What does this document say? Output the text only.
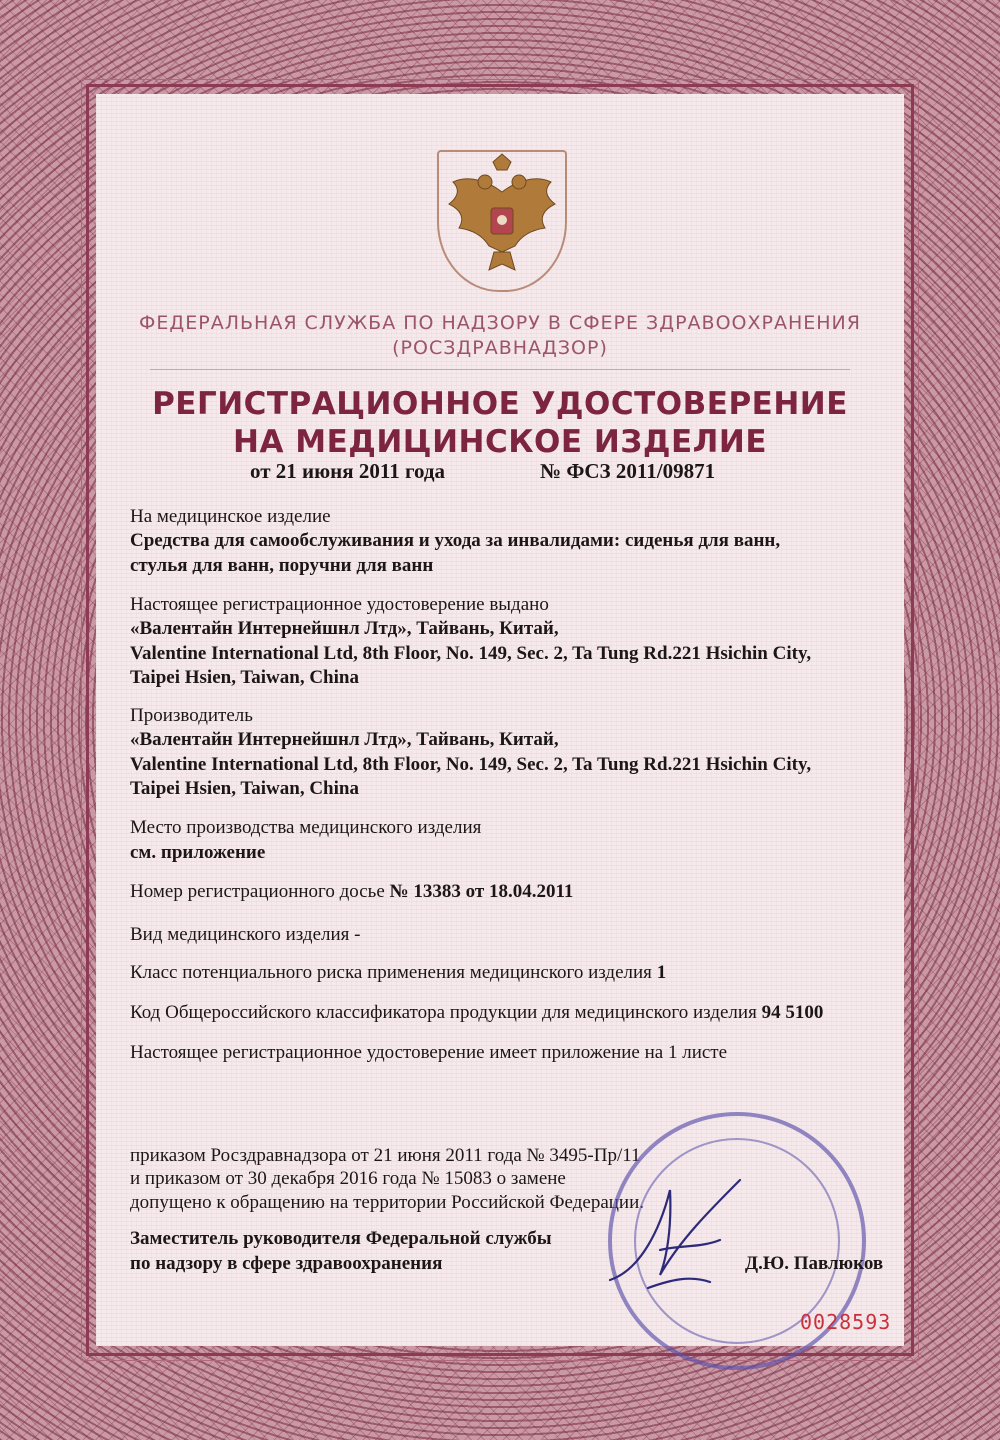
ФЕДЕРАЛЬНАЯ СЛУЖБА ПО НАДЗОРУ В СФЕРЕ ЗДРАВООХРАНЕНИЯ
(РОСЗДРАВНАДЗОР)
РЕГИСТРАЦИОННОЕ УДОСТОВЕРЕНИЕ
НА МЕДИЦИНСКОЕ ИЗДЕЛИЕ
от 21 июня 2011 года	№ ФСЗ 2011/09871
На медицинское изделие
Средства для самообслуживания и ухода за инвалидами: сиденья для ванн,
стулья для ванн, поручни для ванн
Настоящее регистрационное удостоверение выдано
«Валентайн Интернейшнл Лтд», Тайвань, Китай,
Valentine International Ltd, 8th Floor, No. 149, Sec. 2, Ta Tung Rd.221 Hsichin City,
Taipei Hsien, Taiwan, China
Производитель
«Валентайн Интернейшнл Лтд», Тайвань, Китай,
Valentine International Ltd, 8th Floor, No. 149, Sec. 2, Ta Tung Rd.221 Hsichin City,
Taipei Hsien, Taiwan, China
Место производства медицинского изделия
см. приложение
Номер регистрационного досье № 13383 от 18.04.2011
Вид медицинского изделия -
Класс потенциального риска применения медицинского изделия 1
Код Общероссийского классификатора продукции для медицинского изделия 94 5100
Настоящее регистрационное удостоверение имеет приложение на 1 листе
приказом Росздравнадзора от 21 июня 2011 года № 3495-Пр/11
и приказом от 30 декабря 2016 года № 15083 о замене
допущено к обращению на территории Российской Федерации.
Заместитель руководителя Федеральной службы
по надзору в сфере здравоохранения	Д.Ю. Павлюков
0028593
